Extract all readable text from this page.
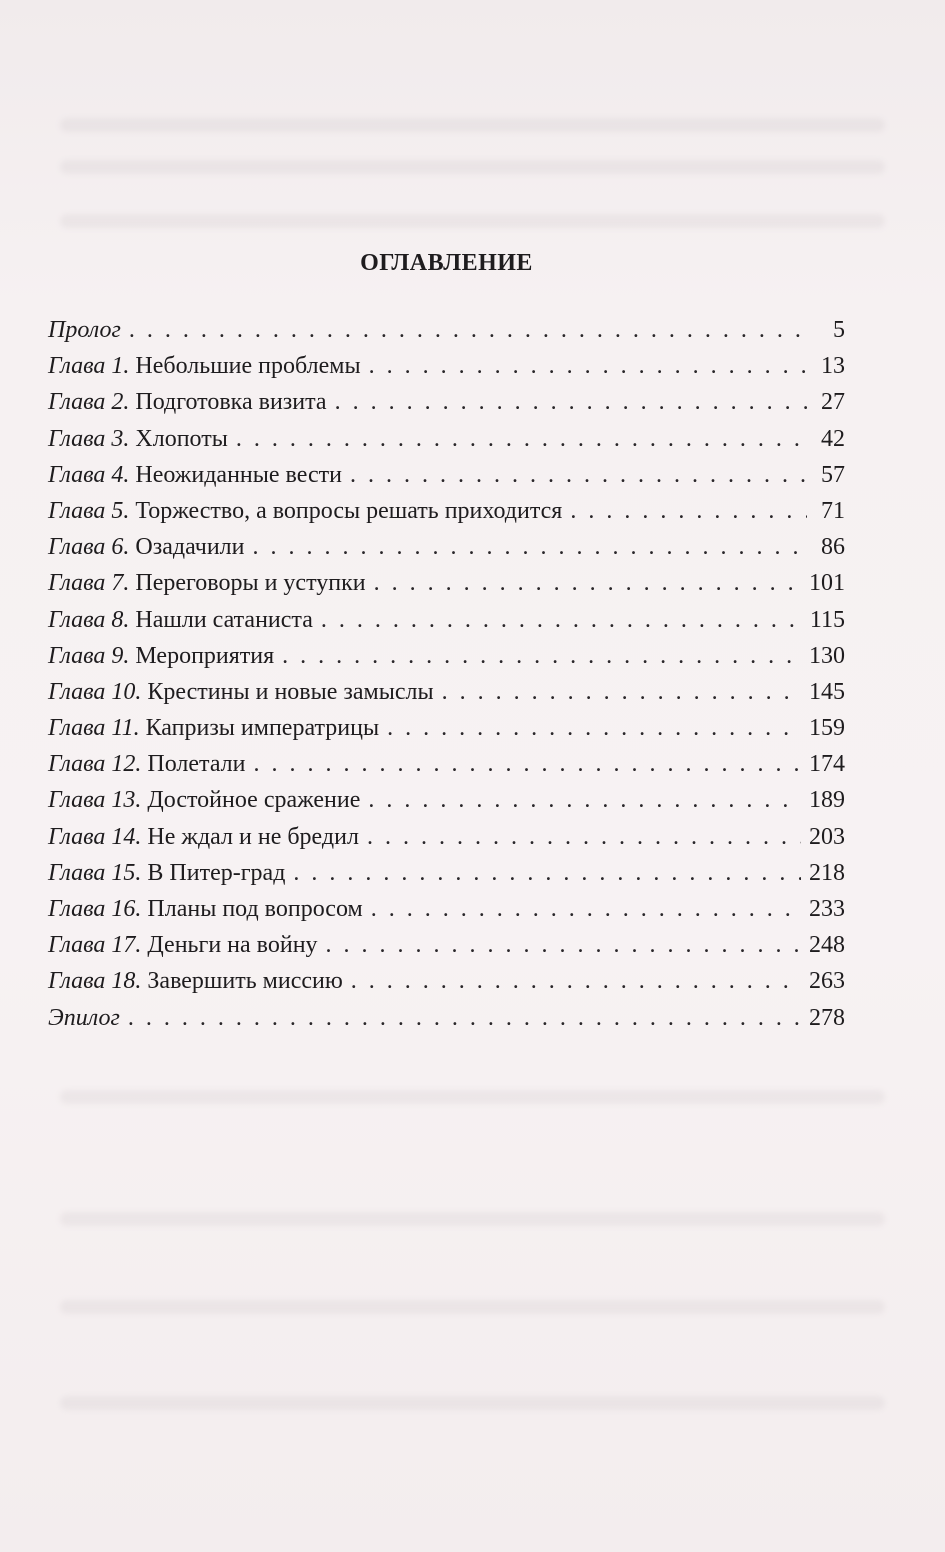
ОГЛАВЛЕНИЕ
Пролог . . .	5
Глава 1. Небольшие проблемы . . .	13
Глава 2. Подготовка визита . . .	27
Глава 3. Хлопоты . . .	42
Глава 4. Неожиданные вести . . .	57
Глава 5. Торжество, а вопросы решать приходится . . .	71
Глава 6. Озадачили . . .	86
Глава 7. Переговоры и уступки . . .	101
Глава 8. Нашли сатаниста . . .	115
Глава 9. Мероприятия . . .	130
Глава 10. Крестины и новые замыслы . . .	145
Глава 11. Капризы императрицы . . .	159
Глава 12. Полетали . . .	174
Глава 13. Достойное сражение . . .	189
Глава 14. Не ждал и не бредил . . .	203
Глава 15. В Питер-град . . .	218
Глава 16. Планы под вопросом . . .	233
Глава 17. Деньги на войну . . .	248
Глава 18. Завершить миссию . . .	263
Эпилог . . .	278
